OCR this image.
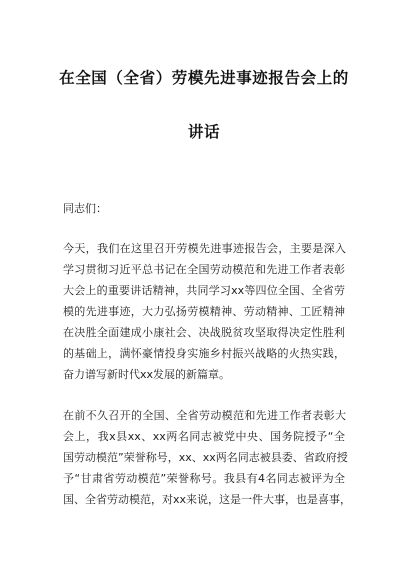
在全国（全省）劳模先进事迹报告会上的
讲话
同志们：
今天，我们在这里召开劳模先进事迹报告会，主要是深入
学习贯彻习近平总书记在全国劳动模范和先进工作者表彰
大会上的重要讲话精神，共同学习xx等四位全国、全省劳
模的先进事迹，大力弘扬劳模精神、劳动精神、工匠精神
在决胜全面建成小康社会、决战脱贫攻坚取得决定性胜利
的基础上，满怀豪情投身实施乡村振兴战略的火热实践，
奋力谱写新时代xx发展的新篇章。
在前不久召开的全国、全省劳动模范和先进工作者表彰大
会上，我x县xx、xx两名同志被党中央、国务院授予“全
国劳动模范”荣誉称号，xx、xx两名同志被县委、省政府授
予“甘肃省劳动模范”荣誉称号。我县有4名同志被评为全
国、全省劳动模范，对xx来说，这是一件大事，也是喜事，
